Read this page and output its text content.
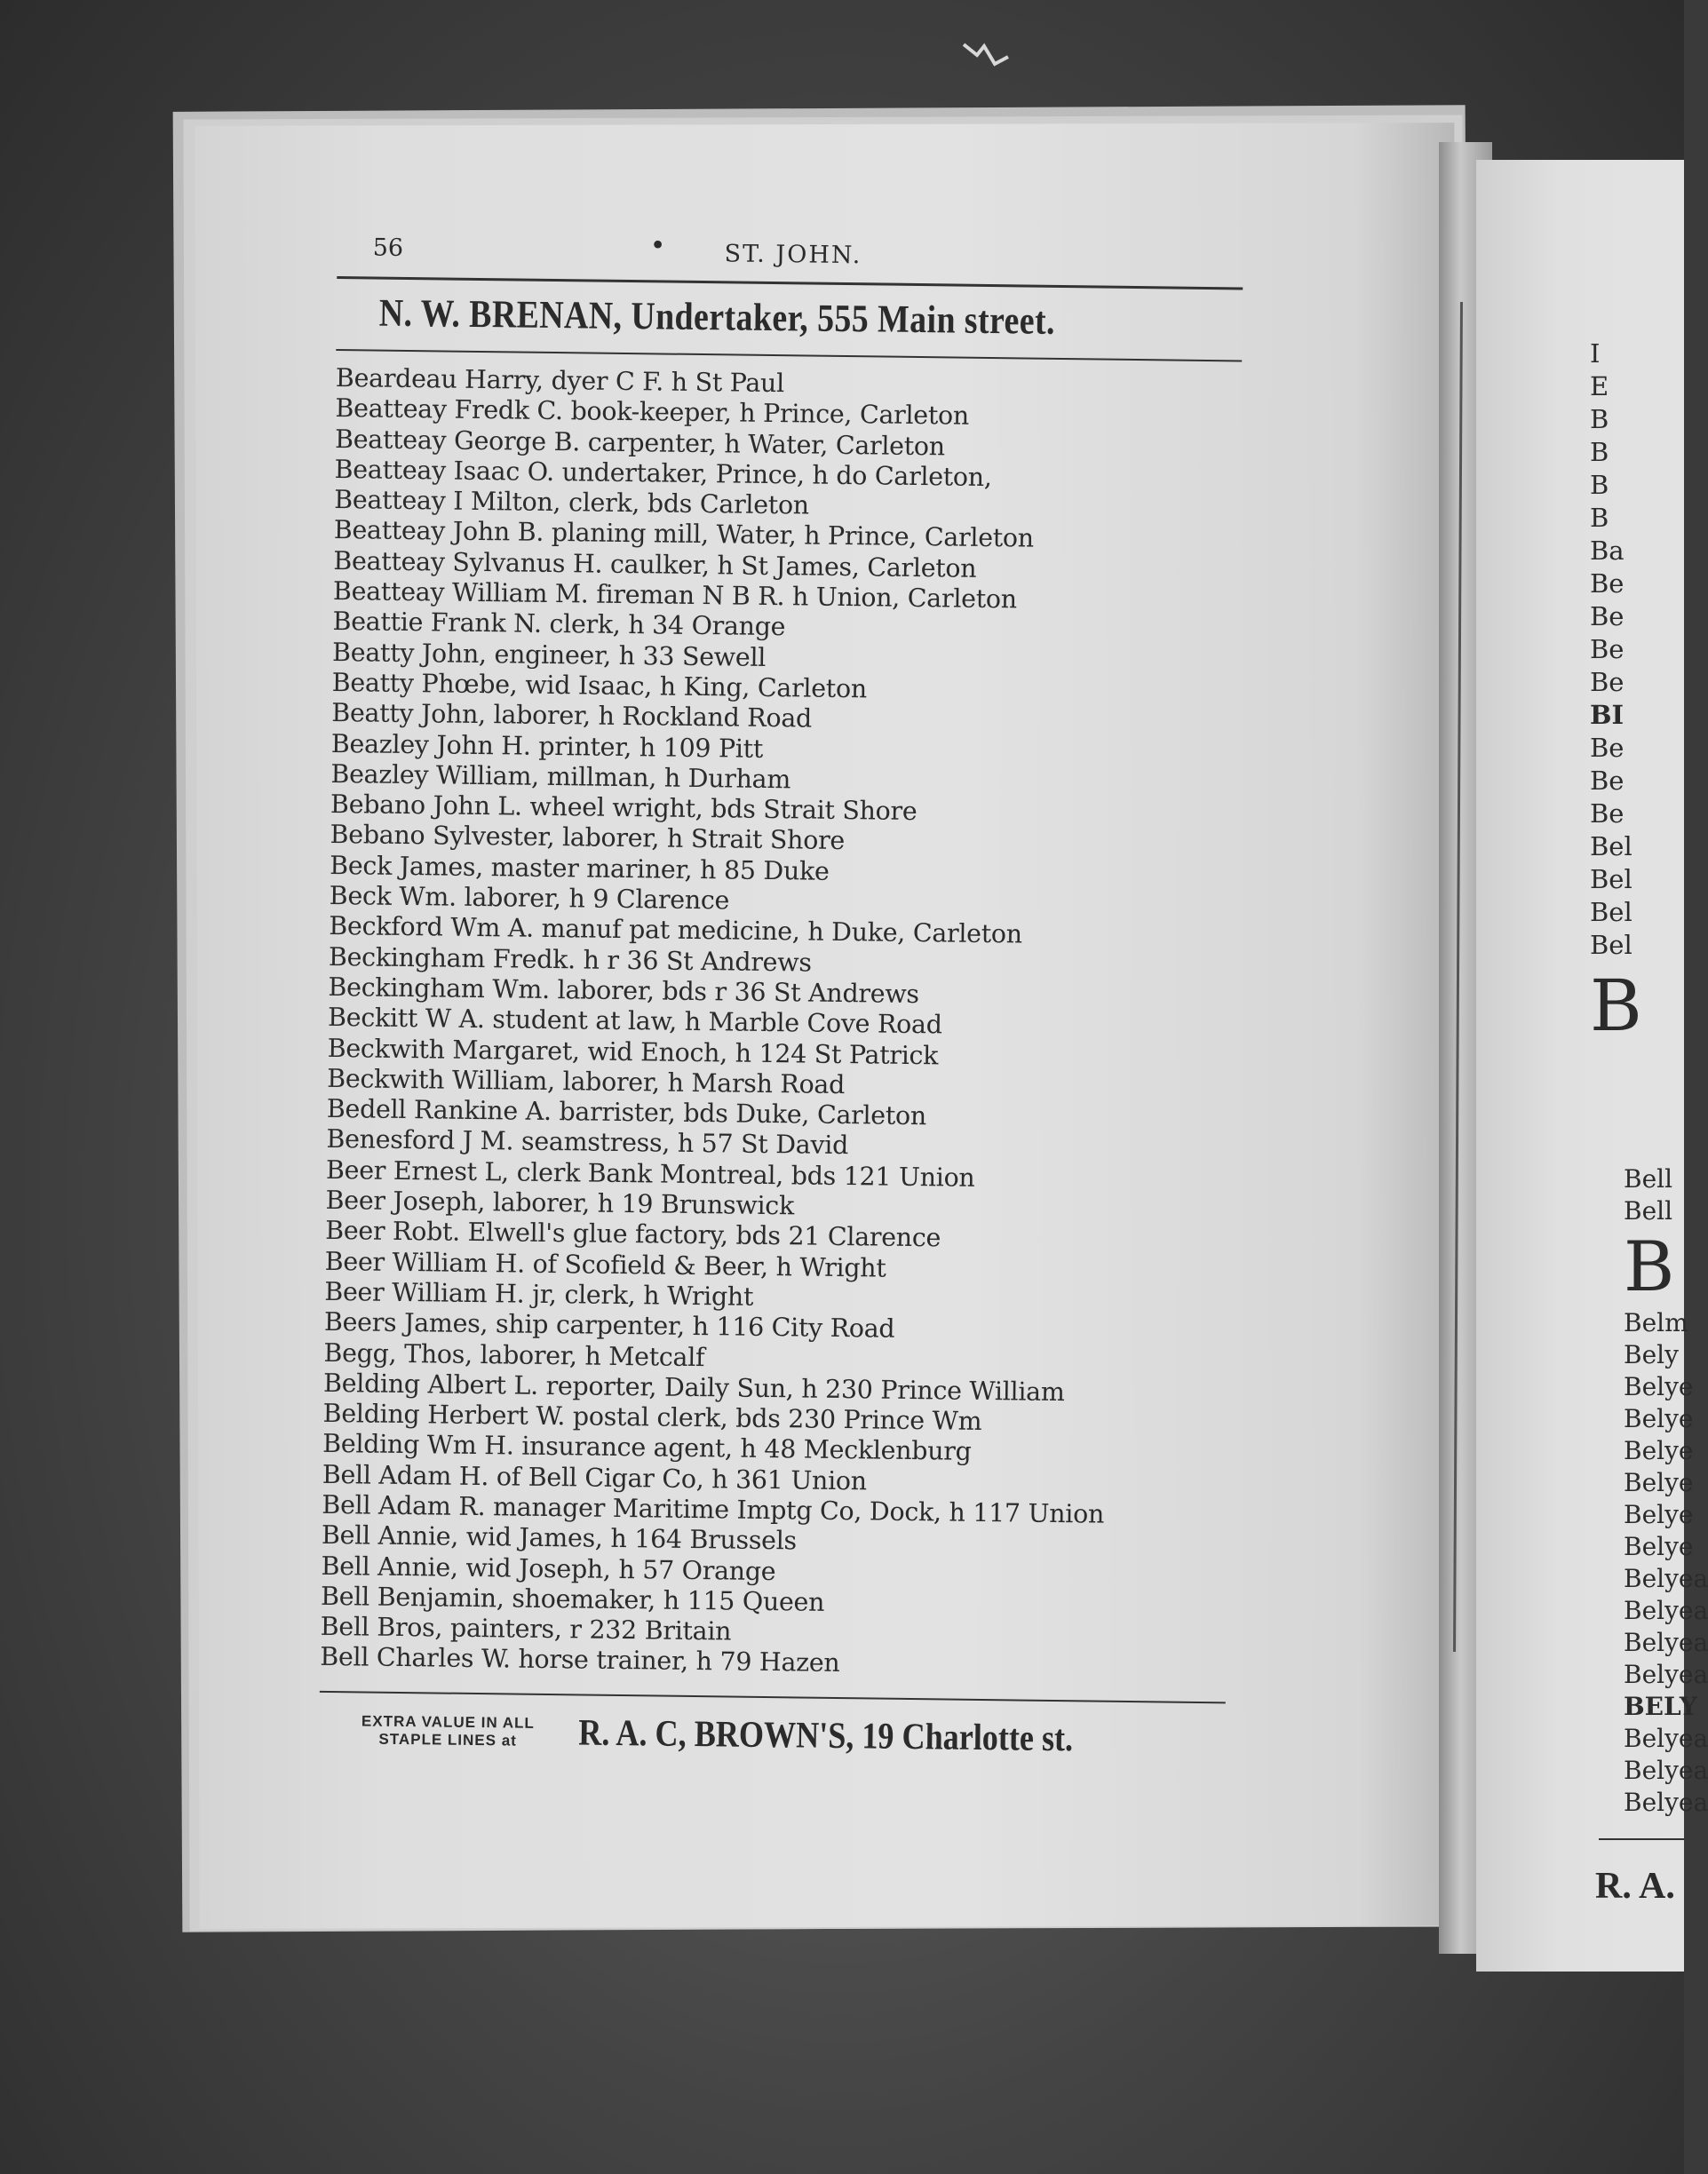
56	• ST. JOHN.
N. W. BRENAN, Undertaker, 555 Main street.
Beardeau Harry, dyer C F. h St Paul
Beatteay Fredk C. book-keeper, h Prince, Carleton
Beatteay George B. carpenter, h Water, Carleton
Beatteay Isaac O. undertaker, Prince, h do Carleton,
Beatteay I Milton, clerk, bds Carleton
Beatteay John B. planing mill, Water, h Prince, Carleton
Beatteay Sylvanus H. caulker, h St James, Carleton
Beatteay William M. fireman N B R. h Union, Carleton
Beattie Frank N. clerk, h 34 Orange
Beatty John, engineer, h 33 Sewell
Beatty Phœbe, wid Isaac, h King, Carleton
Beatty John, laborer, h Rockland Road
Beazley John H. printer, h 109 Pitt
Beazley William, millman, h Durham
Bebano John L. wheel wright, bds Strait Shore
Bebano Sylvester, laborer, h Strait Shore
Beck James, master mariner, h 85 Duke
Beck Wm. laborer, h 9 Clarence
Beckford Wm A. manuf pat medicine, h Duke, Carleton
Beckingham Fredk. h r 36 St Andrews
Beckingham Wm. laborer, bds r 36 St Andrews
Beckitt W A. student at law, h Marble Cove Road
Beckwith Margaret, wid Enoch, h 124 St Patrick
Beckwith William, laborer, h Marsh Road
Bedell Rankine A. barrister, bds Duke, Carleton
Benesford J M. seamstress, h 57 St David
Beer Ernest L, clerk Bank Montreal, bds 121 Union
Beer Joseph, laborer, h 19 Brunswick
Beer Robt. Elwell's glue factory, bds 21 Clarence
Beer William H. of Scofield & Beer, h Wright
Beer William H. jr, clerk, h Wright
Beers James, ship carpenter, h 116 City Road
Begg, Thos, laborer, h Metcalf
Belding Albert L. reporter, Daily Sun, h 230 Prince William
Belding Herbert W. postal clerk, bds 230 Prince Wm
Belding Wm H. insurance agent, h 48 Mecklenburg
Bell Adam H. of Bell Cigar Co, h 361 Union
Bell Adam R. manager Maritime Imptg Co, Dock, h 117 Union
Bell Annie, wid James, h 164 Brussels
Bell Annie, wid Joseph, h 57 Orange
Bell Benjamin, shoemaker, h 115 Queen
Bell Bros, painters, r 232 Britain
Bell Charles W. horse trainer, h 79 Hazen
EXTRA VALUE IN ALL
STAPLE LINES at	R. A. C, BROWN'S, 19 Charlotte st.
I
E
B
B
B
B
Ba
Be
Be
Be
Be
BI
Be
Be
Be
Bel
Bel
Bel
Bel
B
Bell
Bell
B
Belm
Bely
Belye
Belye
Belye
Belye
Belye
Belye
Belyea
Belyea
Belyea
Belyea
BELY
Belyea
Belyea
Belyea
R. A.
